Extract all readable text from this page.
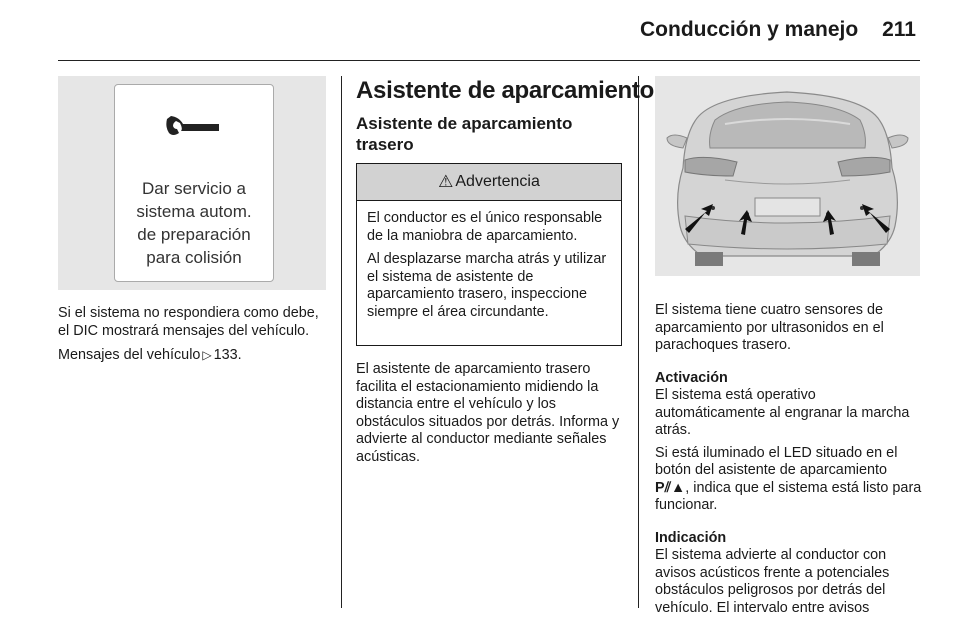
Conducción y manejo 211
Dar servicio a
sistema autom.
de preparación
para colisión

Si el sistema no respondiera como debe, el DIC mostrará mensajes del vehículo.

Mensajes del vehículo ▷ 133.

Asistente de aparcamiento
Asistente de aparcamiento trasero
⚠ Advertencia

El conductor es el único responsable de la maniobra de aparcamiento.

Al desplazarse marcha atrás y utilizar el sistema de asistente de aparcamiento trasero, inspeccione siempre el área circundante.

El asistente de aparcamiento trasero facilita el estacionamiento midiendo la distancia entre el vehículo y los obstáculos situados por detrás. Informa y advierte al conductor mediante señales acústicas.

El sistema tiene cuatro sensores de aparcamiento por ultrasonidos en el parachoques trasero.

Activación
El sistema está operativo automáticamente al engranar la marcha atrás.

Si está iluminado el LED situado en el botón del asistente de aparcamiento P⫽▲, indica que el sistema está listo para funcionar.

Indicación
El sistema advierte al conductor con avisos acústicos frente a potenciales obstáculos peligrosos por detrás del vehículo. El intervalo entre avisos
